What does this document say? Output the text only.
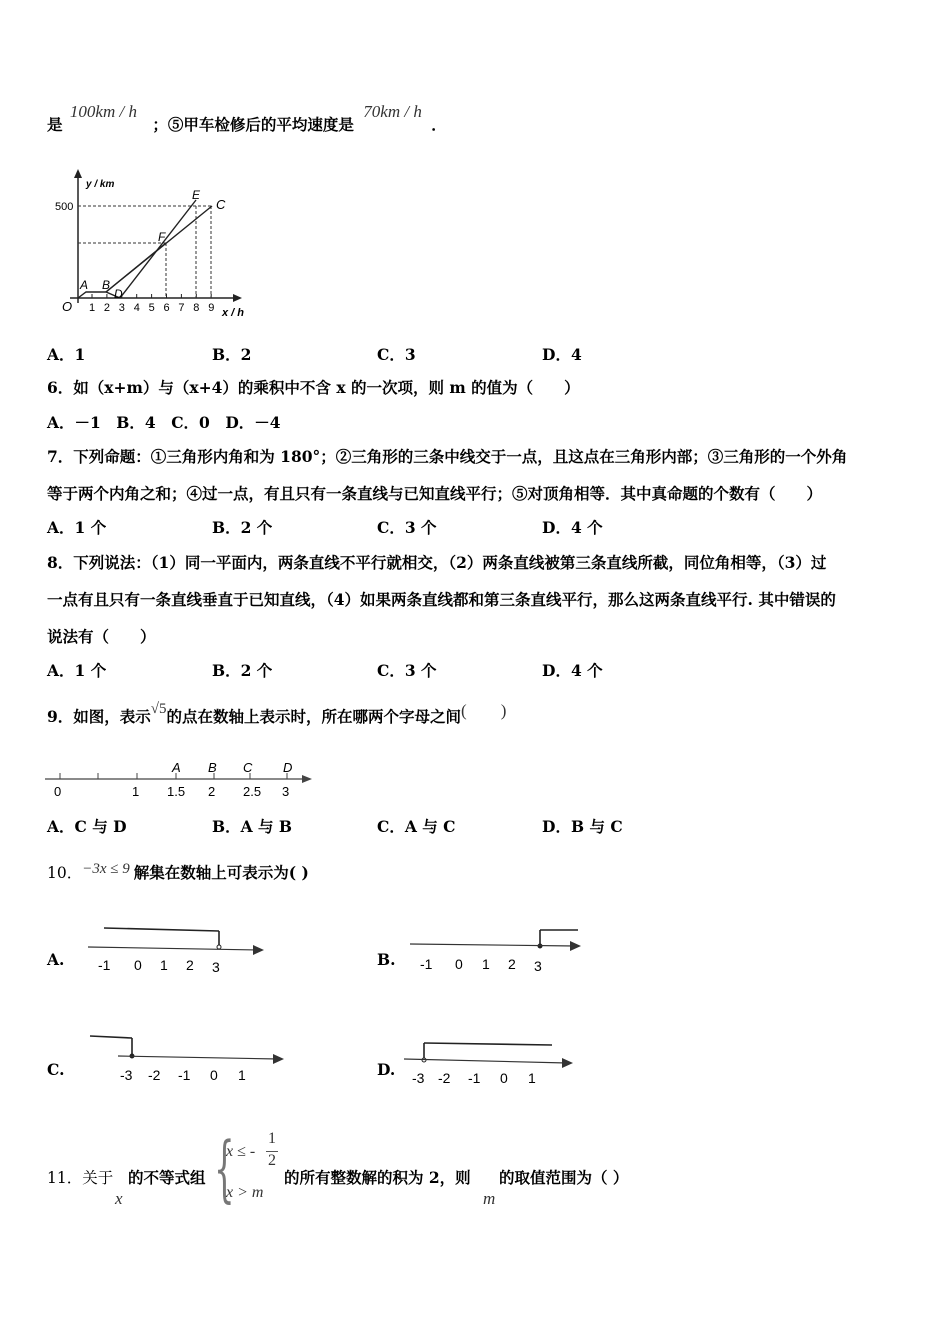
是 100km / h ；⑤甲车检修后的平均速度是 70km / h ．
y / km
x / h
O
500
1 2 3 4 5 6 7 8 9
A B
D
F
E
C
A．1	B．2	C．3	D．4
6．如（x+m）与（x+4）的乘积中不含 x 的一次项，则 m 的值为（　　）
A．－1　B．4　C．0　D．－4
7．下列命题：①三角形内角和为 180°；②三角形的三条中线交于一点，且这点在三角形内部；③三角形的一个外角
等于两个内角之和；④过一点，有且只有一条直线与已知直线平行；⑤对顶角相等．其中真命题的个数有（　　）
A．1 个	B．2 个	C．3 个	D．4 个
8．下列说法：（1）同一平面内，两条直线不平行就相交，（2）两条直线被第三条直线所截，同位角相等，（3）过
一点有且只有一条直线垂直于已知直线，（4）如果两条直线都和第三条直线平行，那么这两条直线平行. 其中错误的
说法有（　　）
A．1 个	B．2 个	C．3 个	D．4 个
9．如图，表示√5的点在数轴上表示时，所在哪两个字母之间(　　)
0	1 1.5 2 2.5 3
A B C D
A．C 与 D	B．A 与 B	C．A 与 C	D．B 与 C
10．−3x ≤ 9 解集在数轴上可表示为( )
A. -1 0 1 2 3	B. -1 0 1 2 3
C.	-3 -2 -1 0 1	D. -3 -2 -1 0 1
11．关于
x
的不等式组 {
x ≤ -
1
2
x > m
的所有整数解的积为 2，则
m
的取值范围为（ ）
